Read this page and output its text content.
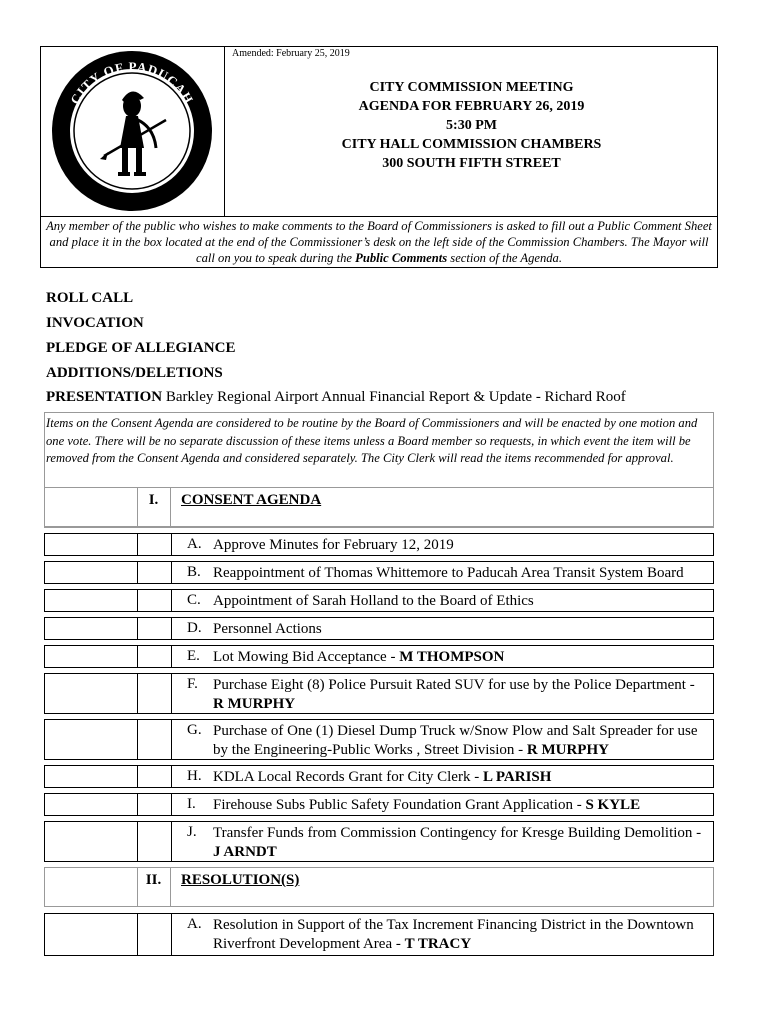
CITY OF PADUCAH
Amended: February 25, 2019
CITY COMMISSION MEETING
AGENDA FOR FEBRUARY 26, 2019
5:30 PM
CITY HALL COMMISSION CHAMBERS
300 SOUTH FIFTH STREET
Any member of the public who wishes to make comments to the Board of Commissioners is asked to fill out a Public Comment Sheet and place it in the box located at the end of the Commissioner’s desk on the left side of the Commission Chambers. The Mayor will call on you to speak during the Public Comments section of the Agenda.
ROLL CALL
INVOCATION
PLEDGE OF ALLEGIANCE
ADDITIONS/DELETIONS
PRESENTATION Barkley Regional Airport Annual Financial Report & Update - Richard Roof
Items on the Consent Agenda are considered to be routine by the Board of Commissioners and will be enacted by one motion and one vote. There will be no separate discussion of these items unless a Board member so requests, in which event the item will be removed from the Consent Agenda and considered separately. The City Clerk will read the items recommended for approval.
I.	CONSENT AGENDA
A. Approve Minutes for February 12, 2019
B. Reappointment of Thomas Whittemore to Paducah Area Transit System Board
C. Appointment of Sarah Holland to the Board of Ethics
D. Personnel Actions
E. Lot Mowing Bid Acceptance - M THOMPSON
F. Purchase Eight (8) Police Pursuit Rated SUV for use by the Police Department - R MURPHY
G. Purchase of One (1) Diesel Dump Truck w/Snow Plow and Salt Spreader for use by the Engineering-Public Works , Street Division - R MURPHY
H. KDLA Local Records Grant for City Clerk - L PARISH
I. Firehouse Subs Public Safety Foundation Grant Application - S KYLE
J. Transfer Funds from Commission Contingency for Kresge Building Demolition - J ARNDT
II.	RESOLUTION(S)
A. Resolution in Support of the Tax Increment Financing District in the Downtown Riverfront Development Area - T TRACY
